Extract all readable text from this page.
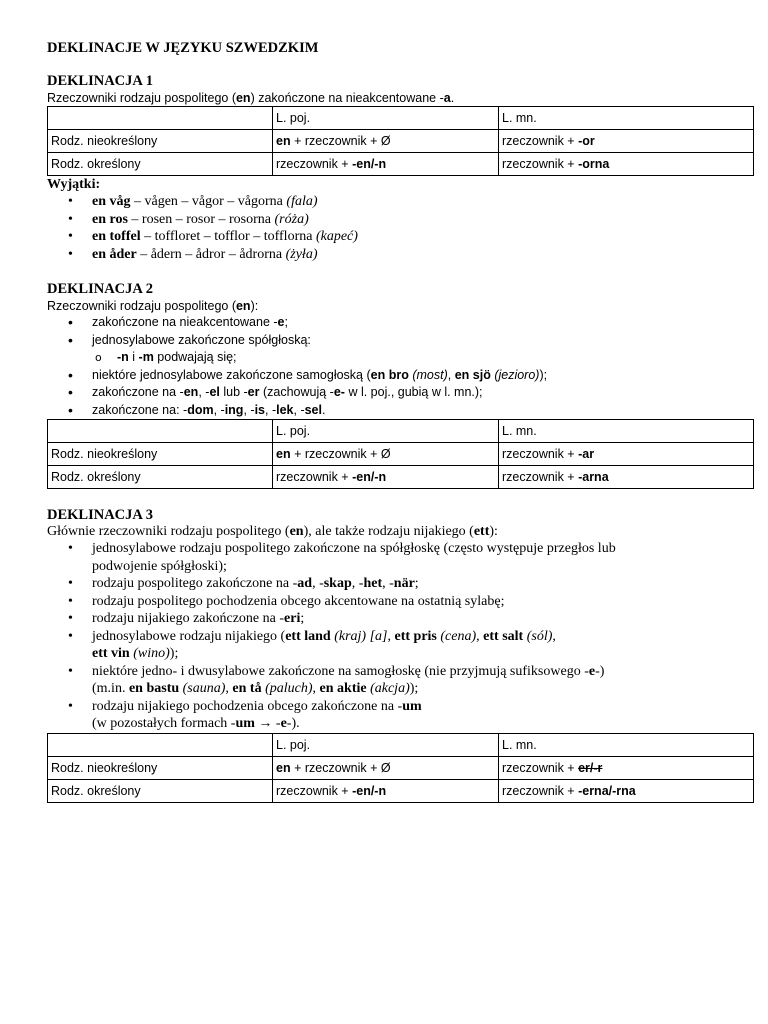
DEKLINACJE W JĘZYKU SZWEDZKIM

DEKLINACJA 1

Rzeczowniki rodzaju pospolitego (en) zakończone na nieakcentowane -a.

	L. poj.	L. mn.
Rodz. nieokreślony	en + rzeczownik + Ø	rzeczownik + -or
Rodz. określony	rzeczownik + -en/-n	rzeczownik + -orna

Wyjątki:

• en våg – vågen – vågor – vågorna (fala)
• en ros – rosen – rosor – rosorna (róża)
• en toffel – toffloret – tofflor – tofflorna (kapeć)
• en åder – ådern – ådror – ådrorna (żyła)

DEKLINACJA 2

Rzeczowniki rodzaju pospolitego (en):

• zakończone na nieakcentowane -e;
• jednosylabowe zakończone spółgłoską:
o -n i -m podwajają się;
• niektóre jednosylabowe zakończone samogłoską (en bro (most), en sjö (jezioro));
• zakończone na -en, -el lub -er (zachowują -e- w l. poj., gubią w l. mn.);
• zakończone na: -dom, -ing, -is, -lek, -sel.
	L. poj.	L. mn.
Rodz. nieokreślony	en + rzeczownik + Ø	rzeczownik + -ar
Rodz. określony	rzeczownik + -en/-n	rzeczownik + -arna

DEKLINACJA 3

Głównie rzeczowniki rodzaju pospolitego (en), ale także rodzaju nijakiego (ett):

• jednosylabowe rodzaju pospolitego zakończone na spółgłoskę (często występuje przegłos lub
podwojenie spółgłoski);
• rodzaju pospolitego zakończone na -ad, -skap, -het, -när;
• rodzaju pospolitego pochodzenia obcego akcentowane na ostatnią sylabę;
• rodzaju nijakiego zakończone na -eri;
• jednosylabowe rodzaju nijakiego (ett land (kraj) [a], ett pris (cena), ett salt (sól),
ett vin (wino));
• niektóre jedno- i dwusylabowe zakończone na samogłoskę (nie przyjmują sufiksowego -e-)
(m.in. en bastu (sauna), en tå (paluch), en aktie (akcja));
• rodzaju nijakiego pochodzenia obcego zakończone na -um
(w pozostałych formach -um → -e-).
	L. poj.	L. mn.
Rodz. nieokreślony	en + rzeczownik + Ø	rzeczownik + er/-r
Rodz. określony	rzeczownik + -en/-n	rzeczownik + -erna/-rna
